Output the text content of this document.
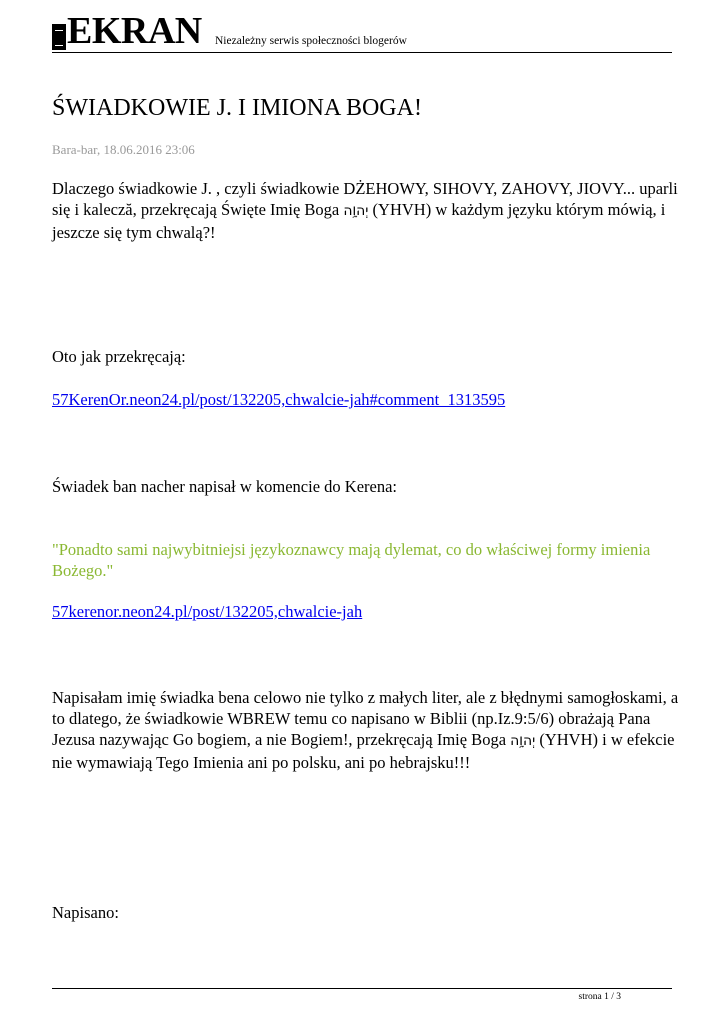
EKRAN Niezależny serwis społeczności blogerów
ŚWIADKOWIE J. I IMIONA BOGA!
Bara-bar, 18.06.2016 23:06

Dlaczego świadkowie J. , czyli świadkowie DŻEHOWY, SIHOVY, ZAHOVY, JIOVY... uparli się i kalecză, przekręcają Święte Imię Boga יְהוָ֥ה (YHVH) w każdym języku którym mówią, i jeszcze się tym chwalą?!

Oto jak przekręcają:

57KerenOr.neon24.pl/post/132205,chwalcie-jah#comment_1313595

Świadek ban nacher napisał w komencie do Kerena:

"Ponadto sami najwybitniejsi językoznawcy mają dylemat, co do właściwej formy imienia Bożego."

57kerenor.neon24.pl/post/132205,chwalcie-jah

Napisałam imię świadka bena celowo nie tylko z małych liter, ale z błędnymi samogłoskami, a to dlatego, że świadkowie WBREW temu co napisano w Biblii (np.Iz.9:5/6) obrażają Pana Jezusa nazywając Go bogiem, a nie Bogiem!, przekręcają Imię Boga יְהוָ֥ה (YHVH) i w efekcie nie wymawiają Tego Imienia ani po polsku, ani po hebrajsku!!!

Napisano:

strona 1 / 3
